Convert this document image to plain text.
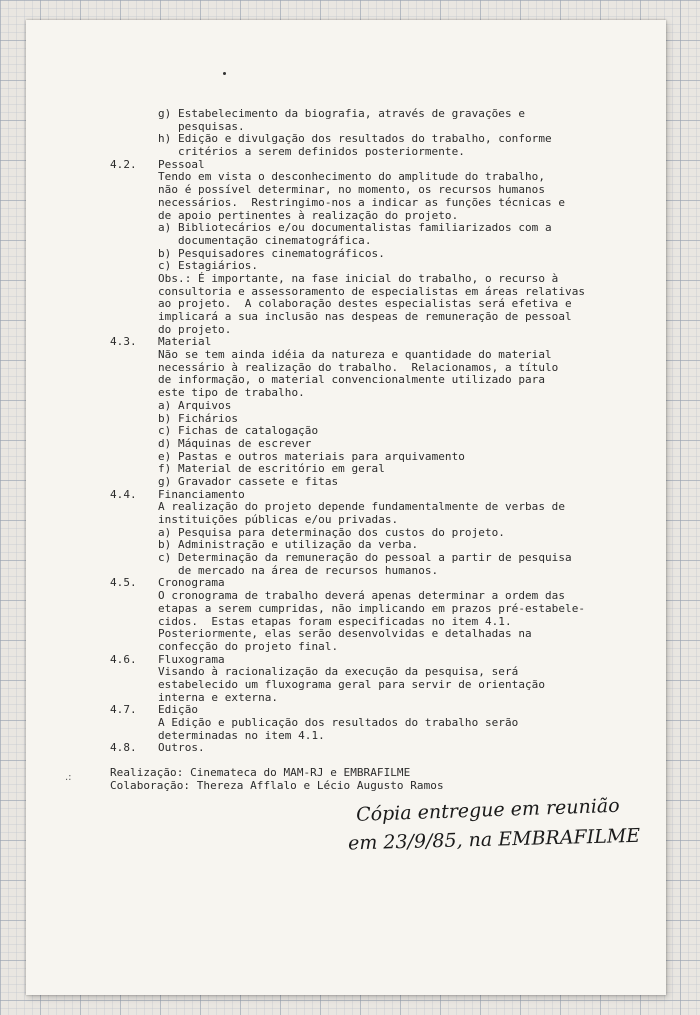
g) Estabelecimento da biografia, através de gravações e
pesquisas.
h) Edição e divulgação dos resultados do trabalho, conforme
critérios a serem definidos posteriormente.
4.2. Pessoal
Tendo em vista o desconhecimento do amplitude do trabalho,
não é possível determinar, no momento, os recursos humanos
necessários.  Restringimo-nos a indicar as funções técnicas e
de apoio pertinentes à realização do projeto.
a) Bibliotecários e/ou documentalistas familiarizados com a
documentação cinematográfica.
b) Pesquisadores cinematográficos.
c) Estagiários.
Obs.: É importante, na fase inicial do trabalho, o recurso à
consultoria e assessoramento de especialistas em áreas relativas
ao projeto.  A colaboração destes especialistas será efetiva e
implicará a sua inclusão nas despeas de remuneração de pessoal
do projeto.
4.3. Material
Não se tem ainda idéia da natureza e quantidade do material
necessário à realização do trabalho.  Relacionamos, a título
de informação, o material convencionalmente utilizado para
este tipo de trabalho.
a) Arquivos
b) Fichários
c) Fichas de catalogação
d) Máquinas de escrever
e) Pastas e outros materiais para arquivamento
f) Material de escritório em geral
g) Gravador cassete e fitas
4.4. Financiamento
A realização do projeto depende fundamentalmente de verbas de
instituições públicas e/ou privadas.
a) Pesquisa para determinação dos custos do projeto.
b) Administração e utilização da verba.
c) Determinação da remuneração do pessoal a partir de pesquisa
de mercado na área de recursos humanos.
4.5. Cronograma
O cronograma de trabalho deverá apenas determinar a ordem das
etapas a serem cumpridas, não implicando em prazos pré-estabele-
cidos.  Estas etapas foram especificadas no item 4.1.
Posteriormente, elas serão desenvolvidas e detalhadas na
confecção do projeto final.
4.6. Fluxograma
Visando à racionalização da execução da pesquisa, será
estabelecido um fluxograma geral para servir de orientação
interna e externa.
4.7. Edição
A Edição e publicação dos resultados do trabalho serão
determinadas no item 4.1.
4.8. Outros.
Realização: Cinemateca do MAM-RJ e EMBRAFILME
Colaboração: Thereza Afflalo e Lécio Augusto Ramos
Cópia entregue em reunião
em 23/9/85, na EMBRAFILME
.:
